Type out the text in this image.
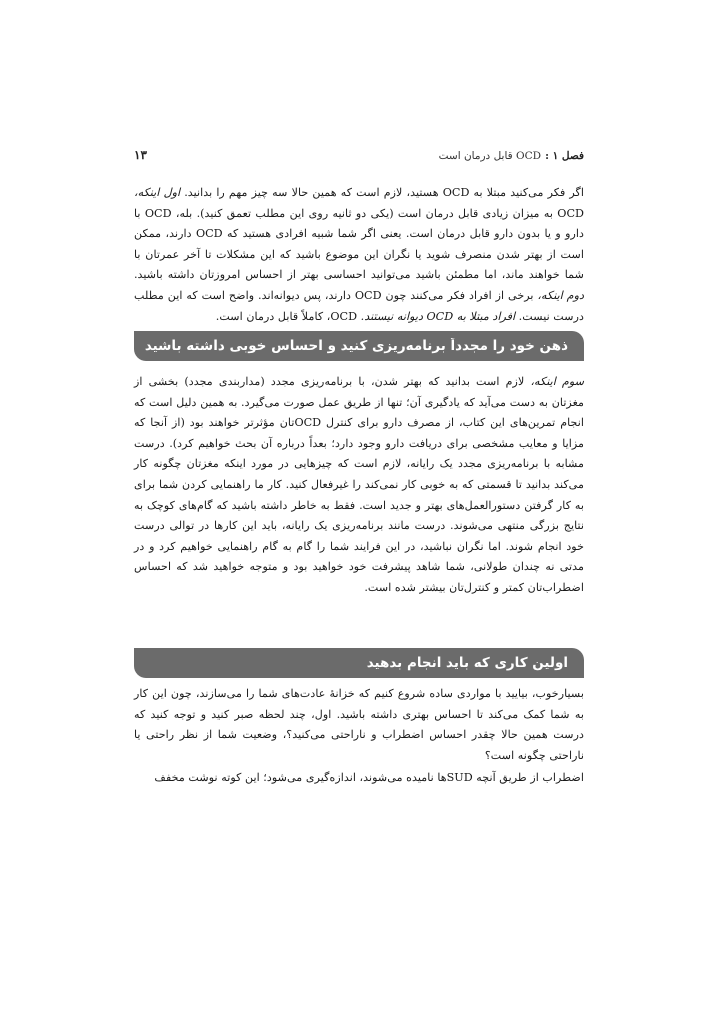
فصل ۱ :
OCD قابل درمان است
۱۳

اگر فکر می‌کنید مبتلا به OCD هستید، لازم است که همین حالا سه چیز مهم را بدانید. اول اینکه، OCD به میزان زیادی قابل درمان است (یکی دو ثانیه روی این مطلب تعمق کنید). بله، OCD با دارو و یا بدون دارو قابل درمان است. یعنی اگر شما شبیه افرادی هستید که OCD دارند، ممکن است از بهتر شدن منصرف شوید یا نگران این موضوع باشید که این مشکلات تا آخر عمرتان با شما خواهند ماند، اما مطمئن باشید می‌توانید احساسی بهتر از احساس امروزتان داشته باشید. دوم اینکه، برخی از افراد فکر می‌کنند چون OCD دارند، پس دیوانه‌اند. واضح است که این مطلب درست نیست. افراد مبتلا به OCD دیوانه نیستند. OCD، کاملاً قابل درمان است.

ذهن خود را مجدداً برنامه‌ریزی کنید و احساس خوبی داشته باشید

سوم اینکه، لازم است بدانید که بهتر شدن، با برنامه‌ریزی مجدد (مداربندی مجدد) بخشی از مغزتان به دست می‌آید که یادگیری آن؛ تنها از طریق عمل صورت می‌گیرد. به همین دلیل است که انجام تمرین‌های این کتاب، از مصرف دارو برای کنترل OCDتان مؤثرتر خواهند بود (از آنجا که مزایا و معایب مشخصی برای دریافت دارو وجود دارد؛ بعداً درباره آن بحث خواهیم کرد). درست مشابه با برنامه‌ریزی مجدد یک رایانه، لازم است که چیزهایی در مورد اینکه مغزتان چگونه کار می‌کند بدانید تا قسمتی که به خوبی کار نمی‌کند را غیرفعال کنید. کار ما راهنمایی کردن شما برای به کار گرفتن دستورالعمل‌های بهتر و جدید است. فقط به خاطر داشته باشید که گام‌های کوچک به نتایج بزرگی منتهی می‌شوند. درست مانند برنامه‌ریزی یک رایانه، باید این کارها در توالی درست خود انجام شوند. اما نگران نباشید، در این فرایند شما را گام به گام راهنمایی خواهیم کرد و در مدتی نه چندان طولانی، شما شاهد پیشرفت خود خواهید بود و متوجه خواهید شد که احساس اضطراب‌تان کمتر و کنترل‌تان بیشتر شده است.

اولین کاری که باید انجام بدهید

بسیارخوب، بیایید با مواردی ساده شروع کنیم که خزانهٔ عادت‌های شما را می‌سازند، چون این کار به شما کمک می‌کند تا احساس بهتری داشته باشید. اول، چند لحظه صبر کنید و توجه کنید که درست همین حالا چقدر احساس اضطراب و ناراحتی می‌کنید؟، وضعیت شما از نظر راحتی یا ناراحتی چگونه است؟

اضطراب از طریق آنچه SUDها نامیده می‌شوند، اندازه‌گیری می‌شود؛ این کوته نوشت مخفف
